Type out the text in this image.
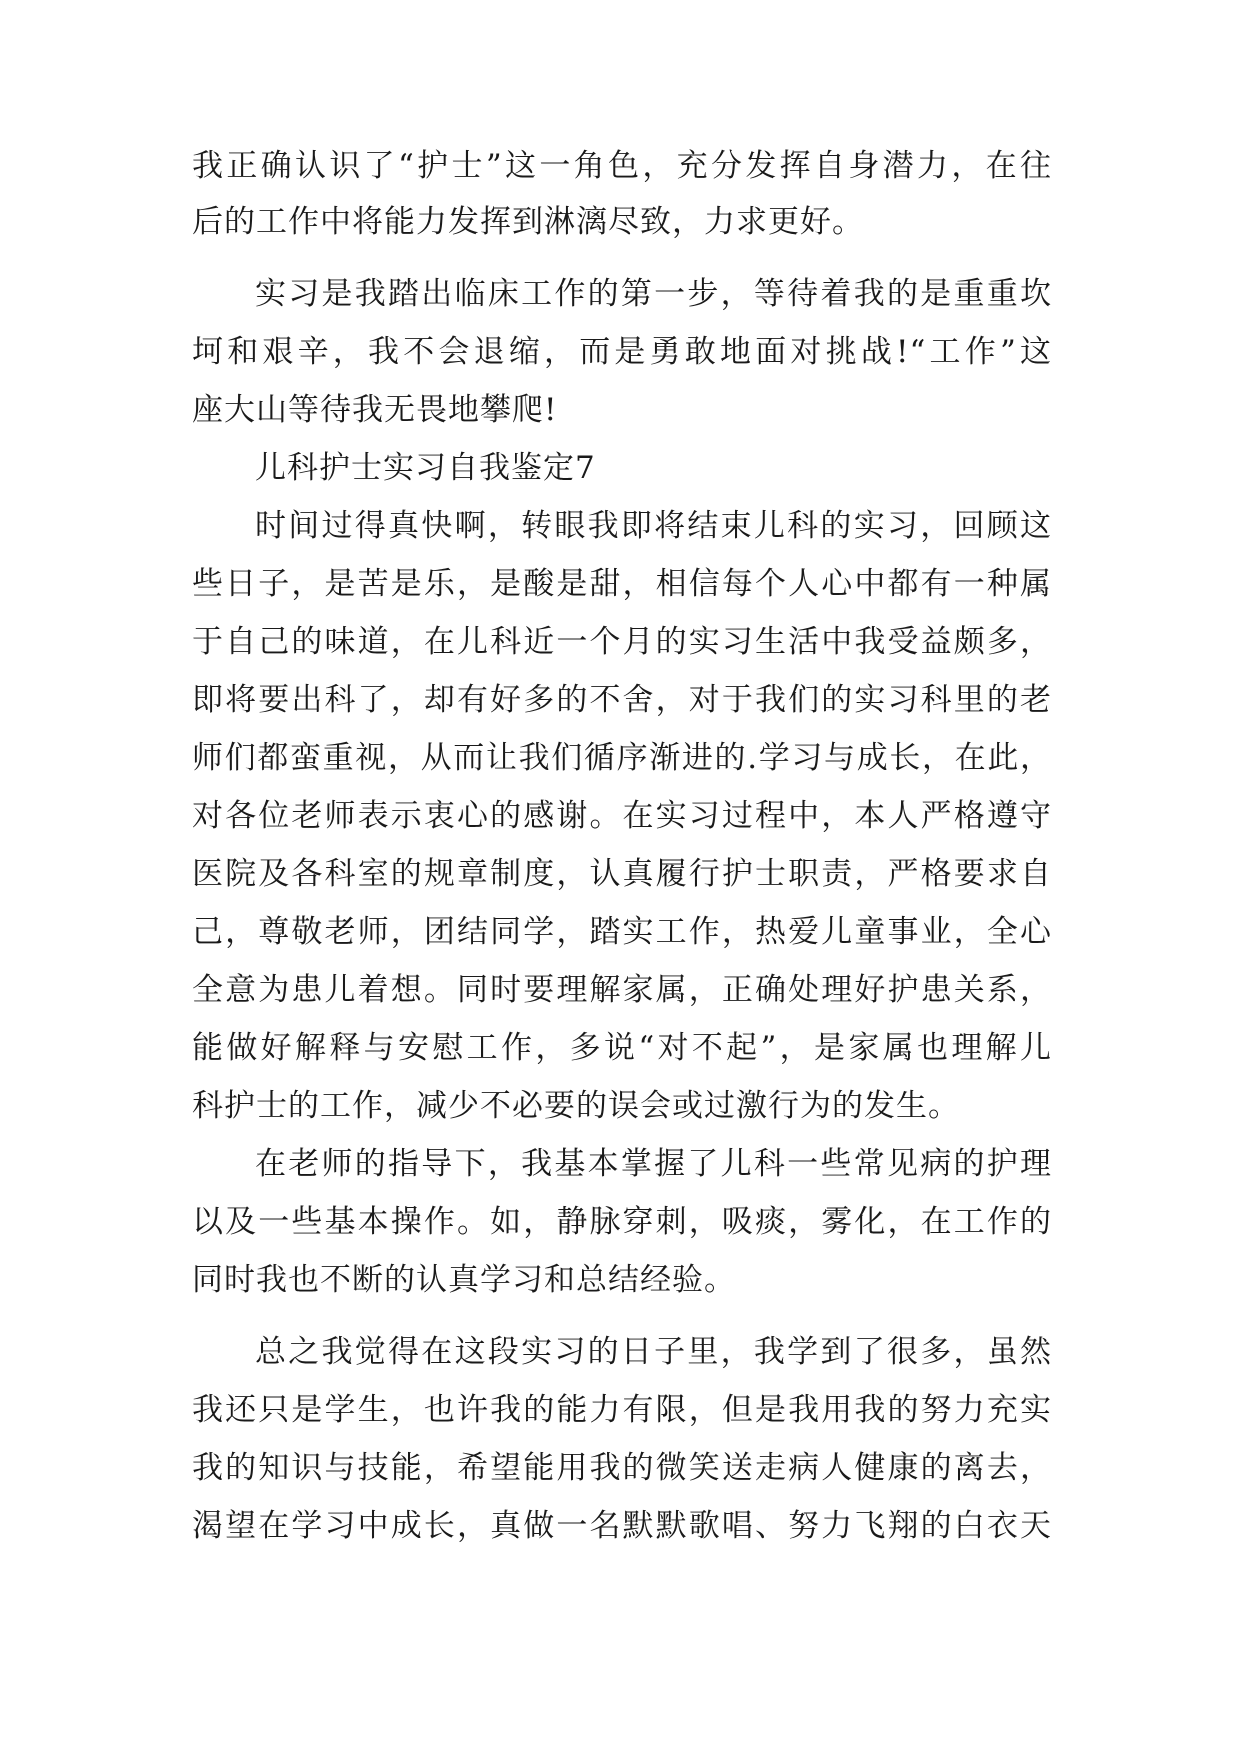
我正确认识了“护士”这一角色，充分发挥自身潜力，在往
后的工作中将能力发挥到淋漓尽致，力求更好。
实习是我踏出临床工作的第一步，等待着我的是重重坎
坷和艰辛，我不会退缩，而是勇敢地面对挑战!“工作”这
座大山等待我无畏地攀爬!
儿科护士实习自我鉴定7
时间过得真快啊，转眼我即将结束儿科的实习，回顾这
些日子，是苦是乐，是酸是甜，相信每个人心中都有一种属
于自己的味道，在儿科近一个月的实习生活中我受益颇多，
即将要出科了，却有好多的不舍，对于我们的实习科里的老
师们都蛮重视，从而让我们循序渐进的.学习与成长，在此，
对各位老师表示衷心的感谢。在实习过程中，本人严格遵守
医院及各科室的规章制度，认真履行护士职责，严格要求自
己，尊敬老师，团结同学，踏实工作，热爱儿童事业，全心
全意为患儿着想。同时要理解家属，正确处理好护患关系，
能做好解释与安慰工作，多说“对不起”，是家属也理解儿
科护士的工作，减少不必要的误会或过激行为的发生。
在老师的指导下，我基本掌握了儿科一些常见病的护理
以及一些基本操作。如，静脉穿刺，吸痰，雾化，在工作的
同时我也不断的认真学习和总结经验。
总之我觉得在这段实习的日子里，我学到了很多，虽然
我还只是学生，也许我的能力有限，但是我用我的努力充实
我的知识与技能，希望能用我的微笑送走病人健康的离去，
渴望在学习中成长，真做一名默默歌唱、努力飞翔的白衣天
